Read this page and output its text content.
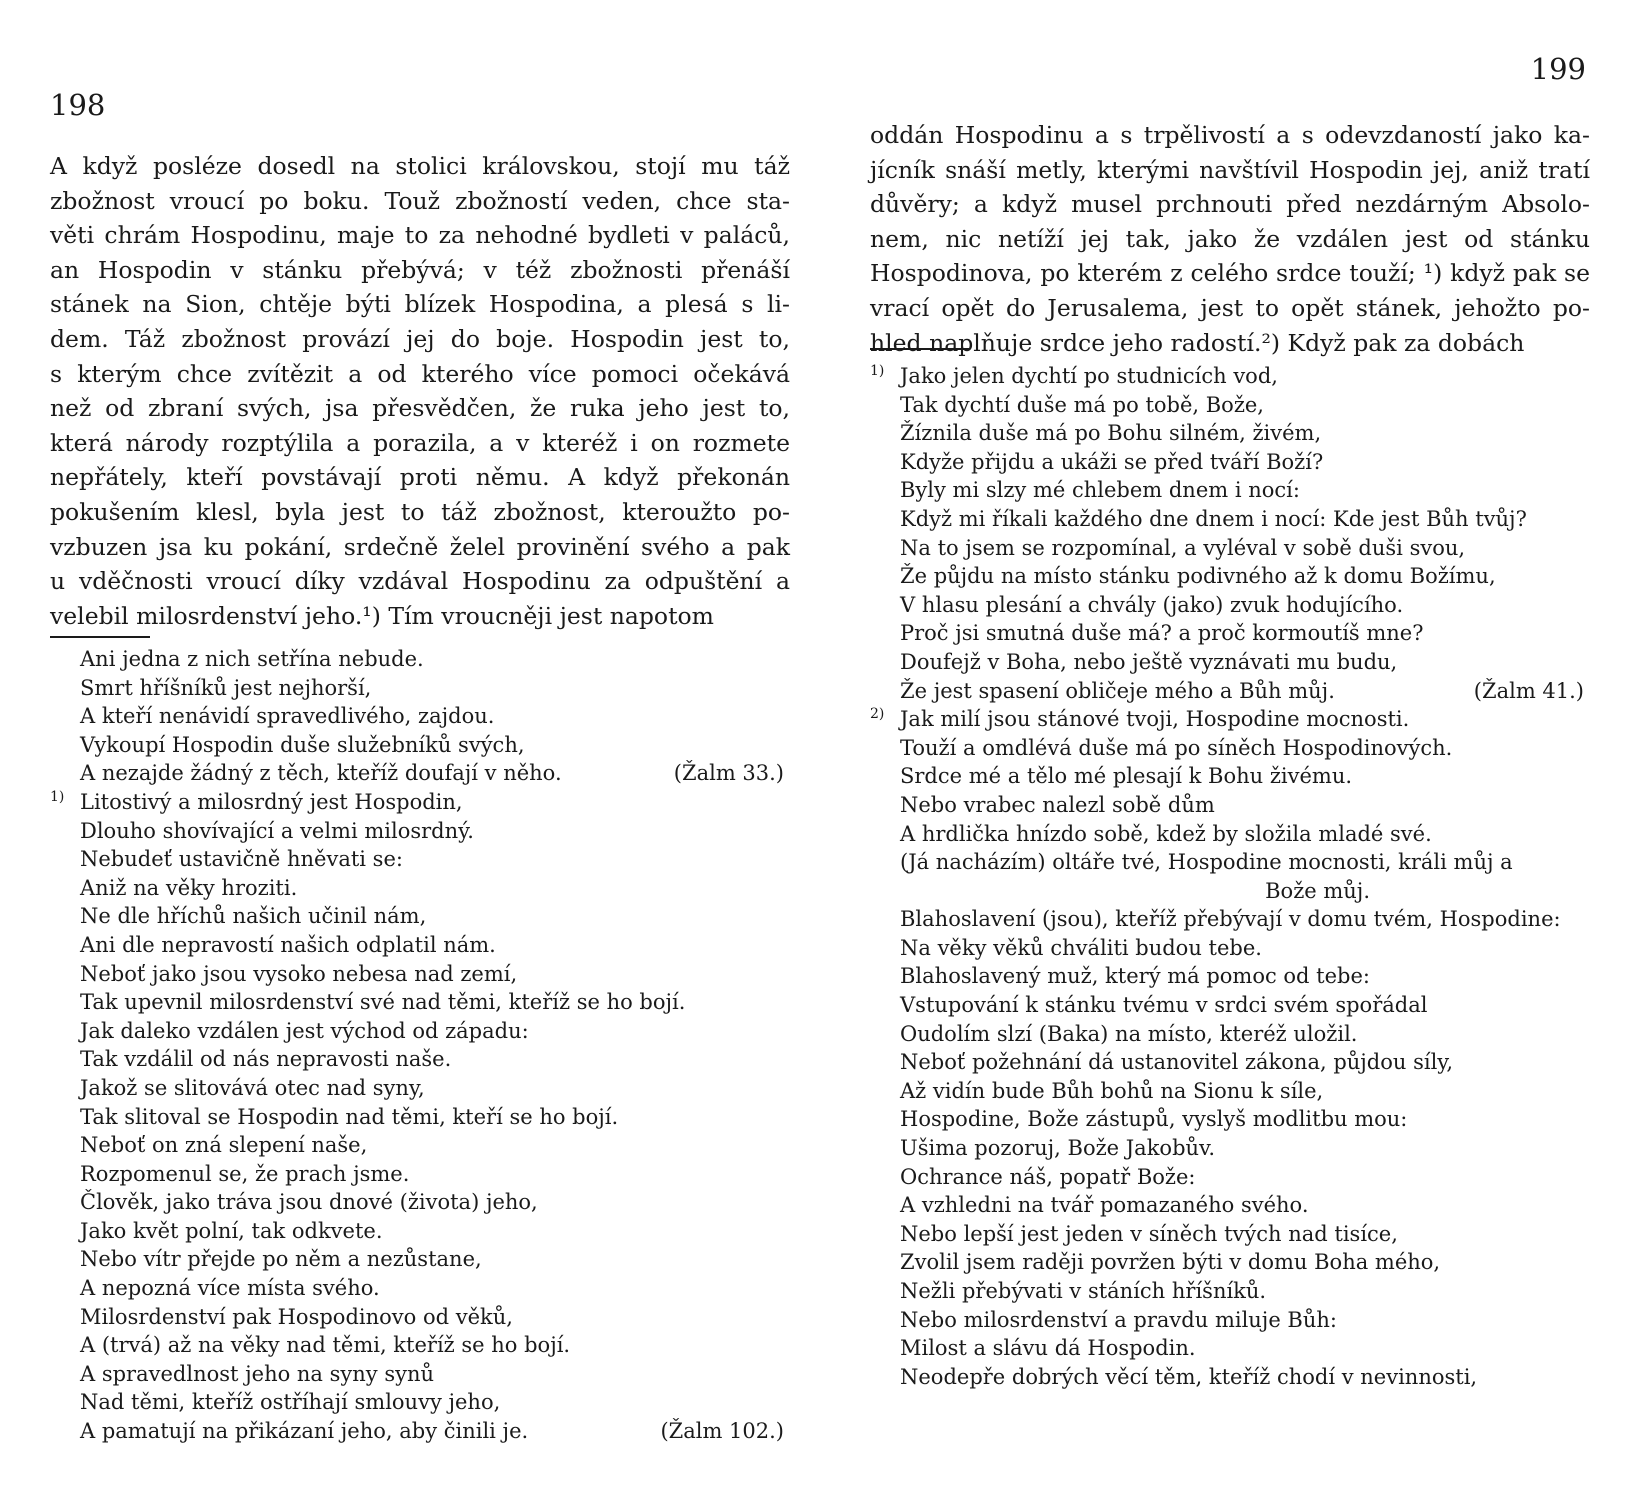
198
A když posléze dosedl na stolici královskou, stojí mu táž
zbožnost vroucí po boku. Touž zbožností veden, chce sta-
věti chrám Hospodinu, maje to za nehodné bydleti v paláců,
an Hospodin v stánku přebývá; v též zbožnosti přenáší
stánek na Sion, chtěje býti blízek Hospodina, a plesá s li-
dem. Táž zbožnost provází jej do boje. Hospodin jest to,
s kterým chce zvítězit a od kterého více pomoci očekává
než od zbraní svých, jsa přesvědčen, že ruka jeho jest to,
která národy rozptýlila a porazila, a v kteréž i on rozmete
nepřátely, kteří povstávají proti němu. A když překonán
pokušením klesl, byla jest to táž zbožnost, kteroužto po-
vzbuzen jsa ku pokání, srdečně želel provinění svého a pak
u vděčnosti vroucí díky vzdával Hospodinu za odpuštění a
velebil milosrdenství jeho.¹) Tím vroucněji jest napotom
Ani jedna z nich setřína nebude.
Smrt hříšníků jest nejhorší,
A kteří nenávidí spravedlivého, zajdou.
Vykoupí Hospodin duše služebníků svých,
A nezajde žádný z těch, kteříž doufají v něho.	(Žalm 33.)
1) Litostivý a milosrdný jest Hospodin,
Dlouho shovívající a velmi milosrdný.
Nebudeť ustavičně hněvati se:
Aniž na věky hroziti.
Ne dle hříchů našich učinil nám,
Ani dle nepravostí našich odplatil nám.
Neboť jako jsou vysoko nebesa nad zemí,
Tak upevnil milosrdenství své nad těmi, kteříž se ho bojí.
Jak daleko vzdálen jest východ od západu:
Tak vzdálil od nás nepravosti naše.
Jakož se slitovává otec nad syny,
Tak slitoval se Hospodin nad těmi, kteří se ho bojí.
Neboť on zná slepení naše,
Rozpomenul se, že prach jsme.
Člověk, jako tráva jsou dnové (života) jeho,
Jako květ polní, tak odkvete.
Nebo vítr přejde po něm a nezůstane,
A nepozná více místa svého.
Milosrdenství pak Hospodinovo od věků,
A (trvá) až na věky nad těmi, kteříž se ho bojí.
A spravedlnost jeho na syny synů
Nad těmi, kteříž ostříhají smlouvy jeho,
A pamatují na přikázaní jeho, aby činili je.	(Žalm 102.)
199
oddán Hospodinu a s trpělivostí a s odevzdaností jako ka-
jícník snáší metly, kterými navštívil Hospodin jej, aniž tratí
důvěry; a když musel prchnouti před nezdárným Absolo-
nem, nic netíží jej tak, jako že vzdálen jest od stánku
Hospodinova, po kterém z celého srdce touží; ¹) když pak se
vrací opět do Jerusalema, jest to opět stánek, jehožto po-
hled naplňuje srdce jeho radostí.²) Když pak za dobách
1) Jako jelen dychtí po studnicích vod,
Tak dychtí duše má po tobě, Bože,
Žíznila duše má po Bohu silném, živém,
Kdyže přijdu a ukáži se před tváří Boží?
Byly mi slzy mé chlebem dnem i nocí:
Když mi říkali každého dne dnem i nocí: Kde jest Bůh tvůj?
Na to jsem se rozpomínal, a vyléval v sobě duši svou,
Že půjdu na místo stánku podivného až k domu Božímu,
V hlasu plesání a chvály (jako) zvuk hodujícího.
Proč jsi smutná duše má? a proč kormoutíš mne?
Doufejž v Boha, nebo ještě vyznávati mu budu,
Že jest spasení obličeje mého a Bůh můj.	(Žalm 41.)
2) Jak milí jsou stánové tvoji, Hospodine mocnosti.
Touží a omdlévá duše má po síněch Hospodinových.
Srdce mé a tělo mé plesají k Bohu živému.
Nebo vrabec nalezl sobě dům
A hrdlička hnízdo sobě, kdež by složila mladé své.
(Já nacházím) oltáře tvé, Hospodine mocnosti, králi můj a
Bože můj.
Blahoslavení (jsou), kteříž přebývají v domu tvém, Hospodine:
Na věky věků chváliti budou tebe.
Blahoslavený muž, který má pomoc od tebe:
Vstupování k stánku tvému v srdci svém spořádal
Oudolím slzí (Baka) na místo, kteréž uložil.
Neboť požehnání dá ustanovitel zákona, půjdou síly,
Až vidín bude Bůh bohů na Sionu k síle,
Hospodine, Bože zástupů, vyslyš modlitbu mou:
Ušima pozoruj, Bože Jakobův.
Ochrance náš, popatř Bože:
A vzhledni na tvář pomazaného svého.
Nebo lepší jest jeden v síněch tvých nad tisíce,
Zvolil jsem raději povržen býti v domu Boha mého,
Nežli přebývati v stáních hříšníků.
Nebo milosrdenství a pravdu miluje Bůh:
Milost a slávu dá Hospodin.
Neodepře dobrých věcí těm, kteříž chodí v nevinnosti,
